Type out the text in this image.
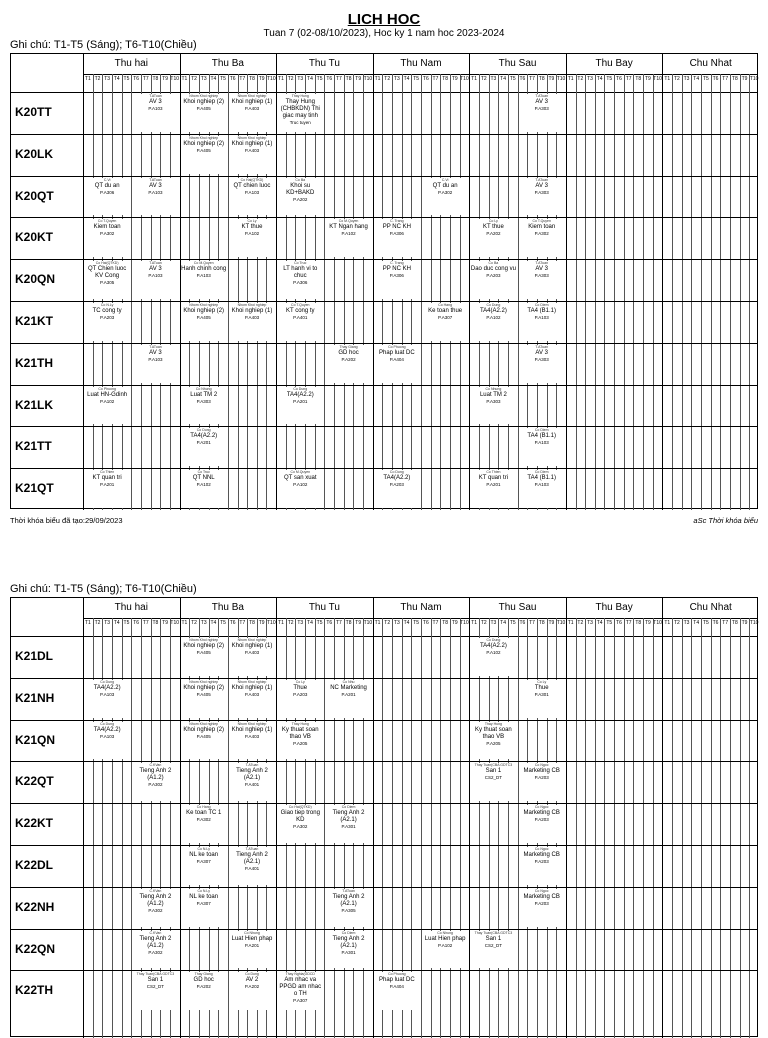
LICH HOC
Tuan 7 (02-08/10/2023), Hoc ky 1 nam hoc 2023-2024
Ghi chú: T1-T5 (Sáng); T6-T10(Chiều)
Thời khóa biểu đã tạo:29/09/2023	aSc Thời khóa biểu
Ghi chú: T1-T5 (Sáng); T6-T10(Chiều)
Thu hai
T1 T2 T3 T4 T5 T6 T7 T8 T9 T10
Thu Ba
T1 T2 T3 T4 T5 T6 T7 T8 T9 T10
Thu Tu
T1 T2 T3 T4 T5 T6 T7 T8 T9 T10
Thu Nam
T1 T2 T3 T4 T5 T6 T7 T8 T9 T10
Thu Sau
T1 T2 T3 T4 T5 T6 T7 T8 T9 T10
Thu Bay
T1 T2 T3 T4 T5 T6 T7 T8 T9 T10
Chu Nhat
T1 T2 T3 T4 T5 T6 T7 T8 T9 T10
K20TT
T.ATuan
AV 3
P.A103
Nhom Khoi nghiep
Khoi nghiep (2)
P.A405
Nhom Khoi nghiep
Khoi nghiep (1)
P.A403
Thay Hung
Thay Hung (CHBKDN) Thi giac may tinh
Truc tuyen
T.ATuan
AV 3
P.A303
K20LK
Nhom Khoi nghiep
Khoi nghiep (2)
P.A405
Nhom Khoi nghiep
Khoi nghiep (1)
P.A403
K20QT
C.Vi
QT du an
P.A306
T.ATuan
AV 3
P.A103
Co Hai(QTKD)
QT chien luoc
P.A103
Co Ba
Khoi su KD+BAKD
P.A202
C.Vi
QT du an
P.A302
T.ATuan
AV 3
P.A303
K20KT
Co T.Quyen
Kiem toan
P.A302
Co Ly
KT thue
P.A102
Co M.Quyen
KT Ngan hang
P.A102
C. Trang
PP NC KH
P.A306
Co Ly
KT thue
P.A202
Co T.Quyen
Kiem toan
P.A302
K20QN
Co Hai(QTKD)
QT Chien luoc KV Cong
P.A305
T.ATuan
AV 3
P.A103
Co M.Quyen
Hanh chinh cong
P.A103
Co Truc
LT hanh vi to chuc
P.A306
C. Trang
PP NC KH
P.A306
Co Ba
Dao duc cong vu
P.A203
T.ATuan
AV 3
P.A303
K21KT
Co N.Ly
TC cong ty
P.A203
Nhom Khoi nghiep
Khoi nghiep (2)
P.A405
Nhom Khoi nghiep
Khoi nghiep (1)
P.A403
Co T.Quyen
KT cong ty
P.A401
Co Hang
Ke toan thue
P.A307
Co Dung
TA4(A2.2)
P.A102
Co Diem
TA4 (B1.1)
P.A103
K21TH
T.ATuan
AV 3
P.A103
Thay Giang
GD hoc
P.A202
Co Phuong
Phap luat DC
P.A404
T.ATuan
AV 3
P.A303
K21LK
Co Phuong
Luat HN-Gdinh
P.A102
Co Nhung
Luat TM 2
P.A303
Co Dung
TA4(A2.2)
P.A201
Co Nhung
Luat TM 2
P.A303
K21TT
Co Dung
TA4(A2.2)
P.A201
Co Diem
TA4 (B1.1)
P.A103
K21QT
Co Thien
KT quan tri
P.A201
Co Truc
QT NNL
P.A102
Co M.Quyen
QT san xuat
P.A102
Co Dung
TA4(A2.2)
P.A203
Co Thien
KT quan tri
P.A201
Co Diem
TA4 (B1.1)
P.A103
Thu hai
T1 T2 T3 T4 T5 T6 T7 T8 T9 T10
Thu Ba
T1 T2 T3 T4 T5 T6 T7 T8 T9 T10
Thu Tu
T1 T2 T3 T4 T5 T6 T7 T8 T9 T10
Thu Nam
T1 T2 T3 T4 T5 T6 T7 T8 T9 T10
Thu Sau
T1 T2 T3 T4 T5 T6 T7 T8 T9 T10
Thu Bay
T1 T2 T3 T4 T5 T6 T7 T8 T9 T10
Chu Nhat
T1 T2 T3 T4 T5 T6 T7 T8 T9 T10
K21DL
Nhom Khoi nghiep
Khoi nghiep (2)
P.A405
Nhom Khoi nghiep
Khoi nghiep (1)
P.A403
Co Dung
TA4(A2.2)
P.A102
K21NH
Co Dung
TA4(A2.2)
P.A103
Nhom Khoi nghiep
Khoi nghiep (2)
P.A405
Nhom Khoi nghiep
Khoi nghiep (1)
P.A403
Co Ly
Thue
P.A203
Co Nhu
NC Marketing
P.A201
Co Ly
Thue
P.A301
K21QN
Co Dung
TA4(A2.2)
P.A103
Nhom Khoi nghiep
Khoi nghiep (2)
P.A405
Nhom Khoi nghiep
Khoi nghiep (1)
P.A403
Thay Hung
Ky thuat soan thao VB
P.A205
Thay Hung
Ky thuat soan thao VB
P.A205
K22QT
C.KVan
Tieng Anh 2 (A1.2)
P.A302
T.ATuan
Tieng Anh 2 (A2.1)
P.A401
Thay Tuan(CBA GDTC3
San 1
CS2_DT
Co Ngoc
Marketing CB
P.A203
K22KT
Co Hang
Ke toan TC 1
P.A302
Co Hai(QTKD)
Giao tiep trong KD
P.A302
Co Diem
Tieng Anh 2 (A2.1)
P.A301
Co Ngoc
Marketing CB
P.A203
K22DL
Co N.Ly
NL ke toan
P.A307
T.ATuan
Tieng Anh 2 (A2.1)
P.A401
Co Ngoc
Marketing CB
P.A203
K22NH
C.KVan
Tieng Anh 2 (A1.2)
P.A302
Co N.Ly
NL ke toan
P.A307
T.ATuan
Tieng Anh 2 (A2.1)
P.A305
Co Ngoc
Marketing CB
P.A203
K22QN
C.KVan
Tieng Anh 2 (A1.2)
P.A302
Co Nhung
Luat Hien phap
P.A201
Co Diem
Tieng Anh 2 (A2.1)
P.A301
Co Nhung
Luat Hien phap
P.A102
Thay Tuan(CBA GDTC3
San 1
CS2_DT
K22TH
Thay Tuan(CBA GDTC3
San 1
CS2_DT
Thay Giang
GD hoc
P.A202
Co Dung
AV 2
P.A202
Thay Nghia(GDCD
Am nhac va PPGD am nhac o TH
P.A307
Co Phuong
Phap luat DC
P.A404
